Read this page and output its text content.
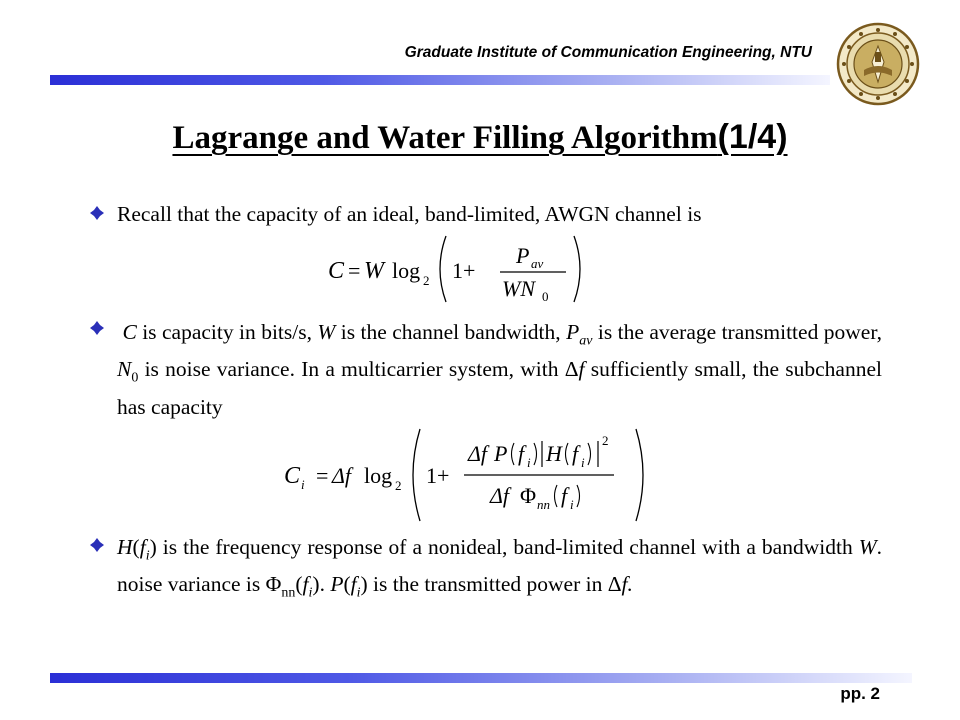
Graduate Institute of Communication Engineering, NTU
Lagrange and Water Filling Algorithm(1/4)
Recall that the capacity of an ideal, band-limited, AWGN channel is
C = W log 2 1+
P av
WN 0
C is capacity in bits/s, W is the channel bandwidth, $P_{av}$ is the average transmitted power, $N_0$ is noise variance. In a multicarrier system, with Δf sufficiently small, the subchannel has capacity
C i = Δf log 2 1+
Δf P f i H f i
2
Δf Φ nn f i
$H(f_i)$ is the frequency response of a nonideal, band-limited channel with a bandwidth W. noise variance is $\Phi_{nn}(f_i)$. $P(f_i)$ is the transmitted power in Δf.
pp. 2
